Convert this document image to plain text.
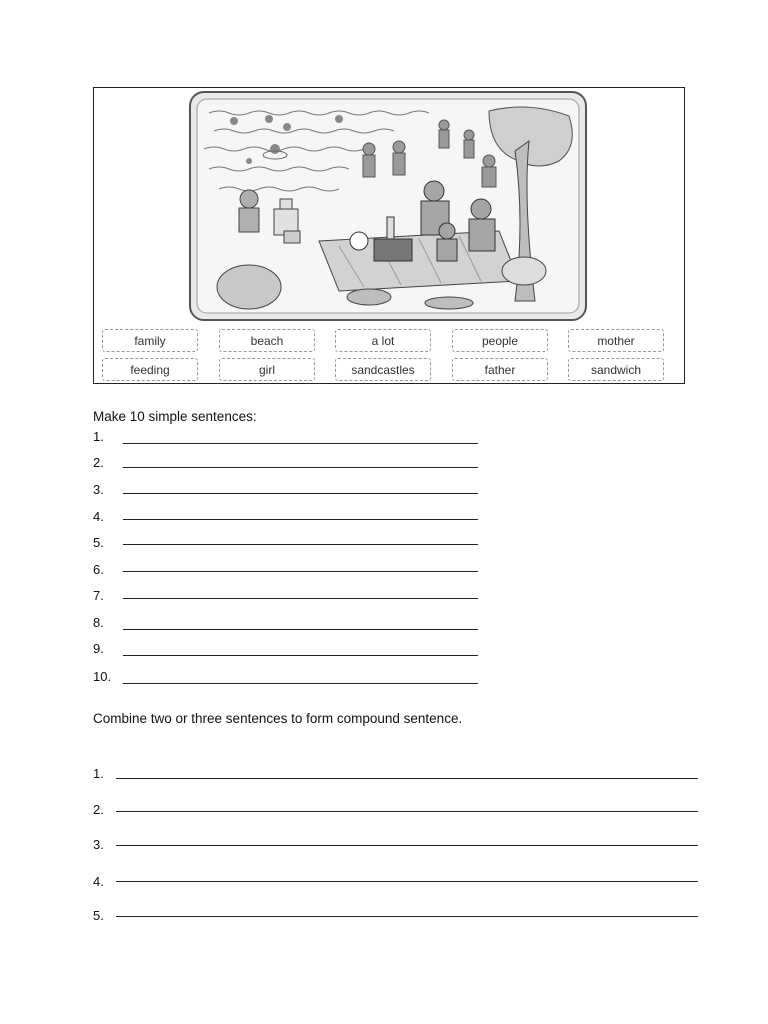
family	beach	a lot	people	mother
feeding	girl	sandcastles	father	sandwich
Make 10 simple sentences:
1.
2.
3.
4.
5.
6.
7.
8.
9.
10.
Combine two or three sentences to form compound sentence.
1.
2.
3.
4.
5.
